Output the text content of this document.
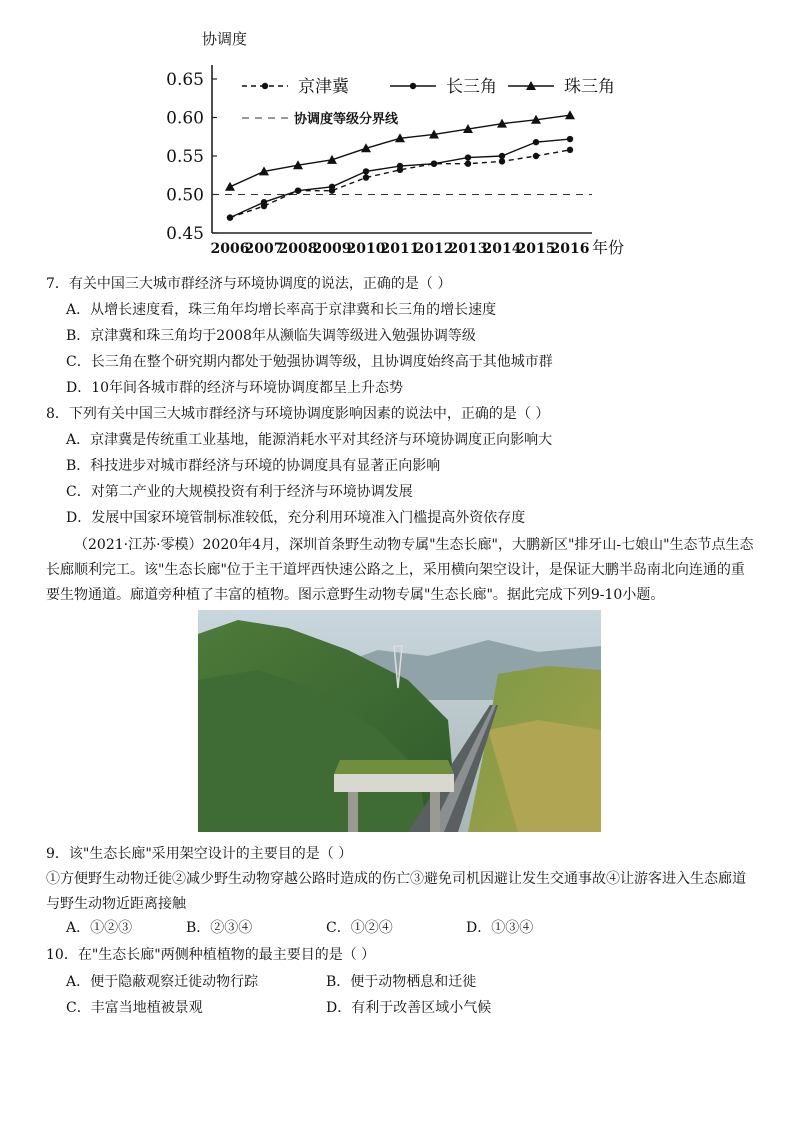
协调度
0.45
0.50
0.55
0.60
0.65
2006
2007
2008
2009
2010
2011
2012
2013
2014
2015
2016 年份
京津冀	长三角	珠三角
协调度等级分界线
7．有关中国三大城市群经济与环境协调度的说法，正确的是（ ）
A．从增长速度看，珠三角年均增长率高于京津冀和长三角的增长速度
B．京津冀和珠三角均于2008年从濒临失调等级进入勉强协调等级
C．长三角在整个研究期内都处于勉强协调等级，且协调度始终高于其他城市群
D．10年间各城市群的经济与环境协调度都呈上升态势
8．下列有关中国三大城市群经济与环境协调度影响因素的说法中，正确的是（ ）
A．京津冀是传统重工业基地，能源消耗水平对其经济与环境协调度正向影响大
B．科技进步对城市群经济与环境的协调度具有显著正向影响
C．对第二产业的大规模投资有利于经济与环境协调发展
D．发展中国家环境管制标准较低，充分利用环境准入门槛提高外资依存度
（2021·江苏·零模）2020年4月，深圳首条野生动物专属"生态长廊"，大鹏新区"排牙山-七娘山"生态节点生态长廊顺利完工。该"生态长廊"位于主干道坪西快速公路之上，采用横向架空设计，是保证大鹏半岛南北向连通的重要生物通道。廊道旁种植了丰富的植物。图示意野生动物专属"生态长廊"。据此完成下列9-10小题。
9．该"生态长廊"采用架空设计的主要目的是（ ）
①方便野生动物迁徙②减少野生动物穿越公路时造成的伤亡③避免司机因避让发生交通事故④让游客进入生态廊道与野生动物近距离接触
A．①②③	B．②③④	C．①②④	D．①③④
10．在"生态长廊"两侧种植植物的最主要目的是（ ）
A．便于隐蔽观察迁徙动物行踪	B．便于动物栖息和迁徙
C．丰富当地植被景观	D．有利于改善区域小气候
